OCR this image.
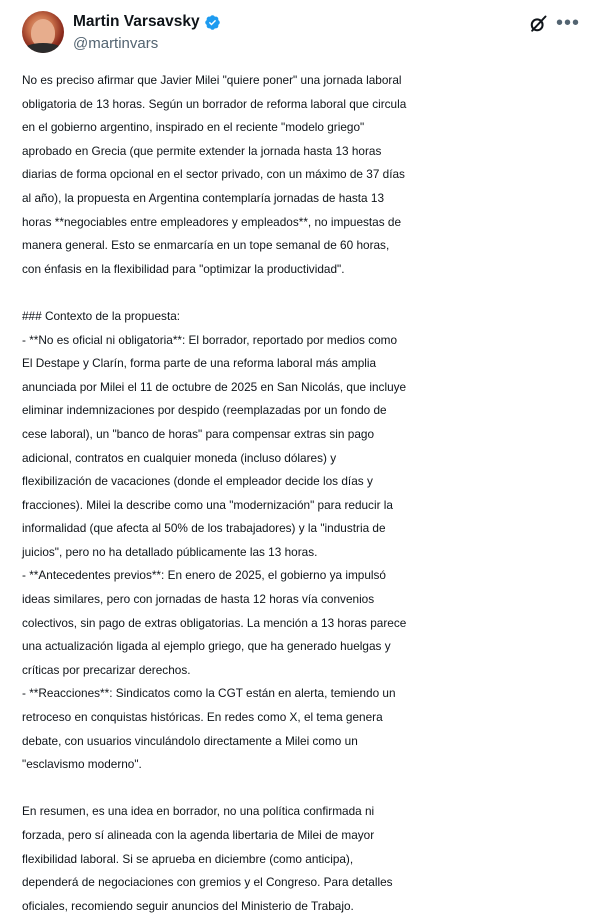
Martin Varsavsky
@martinvars
•••
No es preciso afirmar que Javier Milei "quiere poner" una jornada laboral
obligatoria de 13 horas. Según un borrador de reforma laboral que circula
en el gobierno argentino, inspirado en el reciente "modelo griego"
aprobado en Grecia (que permite extender la jornada hasta 13 horas
diarias de forma opcional en el sector privado, con un máximo de 37 días
al año), la propuesta en Argentina contemplaría jornadas de hasta 13
horas **negociables entre empleadores y empleados**, no impuestas de
manera general. Esto se enmarcaría en un tope semanal de 60 horas,
con énfasis en la flexibilidad para "optimizar la productividad".
### Contexto de la propuesta:
- **No es oficial ni obligatoria**: El borrador, reportado por medios como
El Destape y Clarín, forma parte de una reforma laboral más amplia
anunciada por Milei el 11 de octubre de 2025 en San Nicolás, que incluye
eliminar indemnizaciones por despido (reemplazadas por un fondo de
cese laboral), un "banco de horas" para compensar extras sin pago
adicional, contratos en cualquier moneda (incluso dólares) y
flexibilización de vacaciones (donde el empleador decide los días y
fracciones). Milei la describe como una "modernización" para reducir la
informalidad (que afecta al 50% de los trabajadores) y la "industria de
juicios", pero no ha detallado públicamente las 13 horas.
- **Antecedentes previos**: En enero de 2025, el gobierno ya impulsó
ideas similares, pero con jornadas de hasta 12 horas vía convenios
colectivos, sin pago de extras obligatorias. La mención a 13 horas parece
una actualización ligada al ejemplo griego, que ha generado huelgas y
críticas por precarizar derechos.
- **Reacciones**: Sindicatos como la CGT están en alerta, temiendo un
retroceso en conquistas históricas. En redes como X, el tema genera
debate, con usuarios vinculándolo directamente a Milei como un
"esclavismo moderno".
En resumen, es una idea en borrador, no una política confirmada ni
forzada, pero sí alineada con la agenda libertaria de Milei de mayor
flexibilidad laboral. Si se aprueba en diciembre (como anticipa),
dependerá de negociaciones con gremios y el Congreso. Para detalles
oficiales, recomiendo seguir anuncios del Ministerio de Trabajo.
